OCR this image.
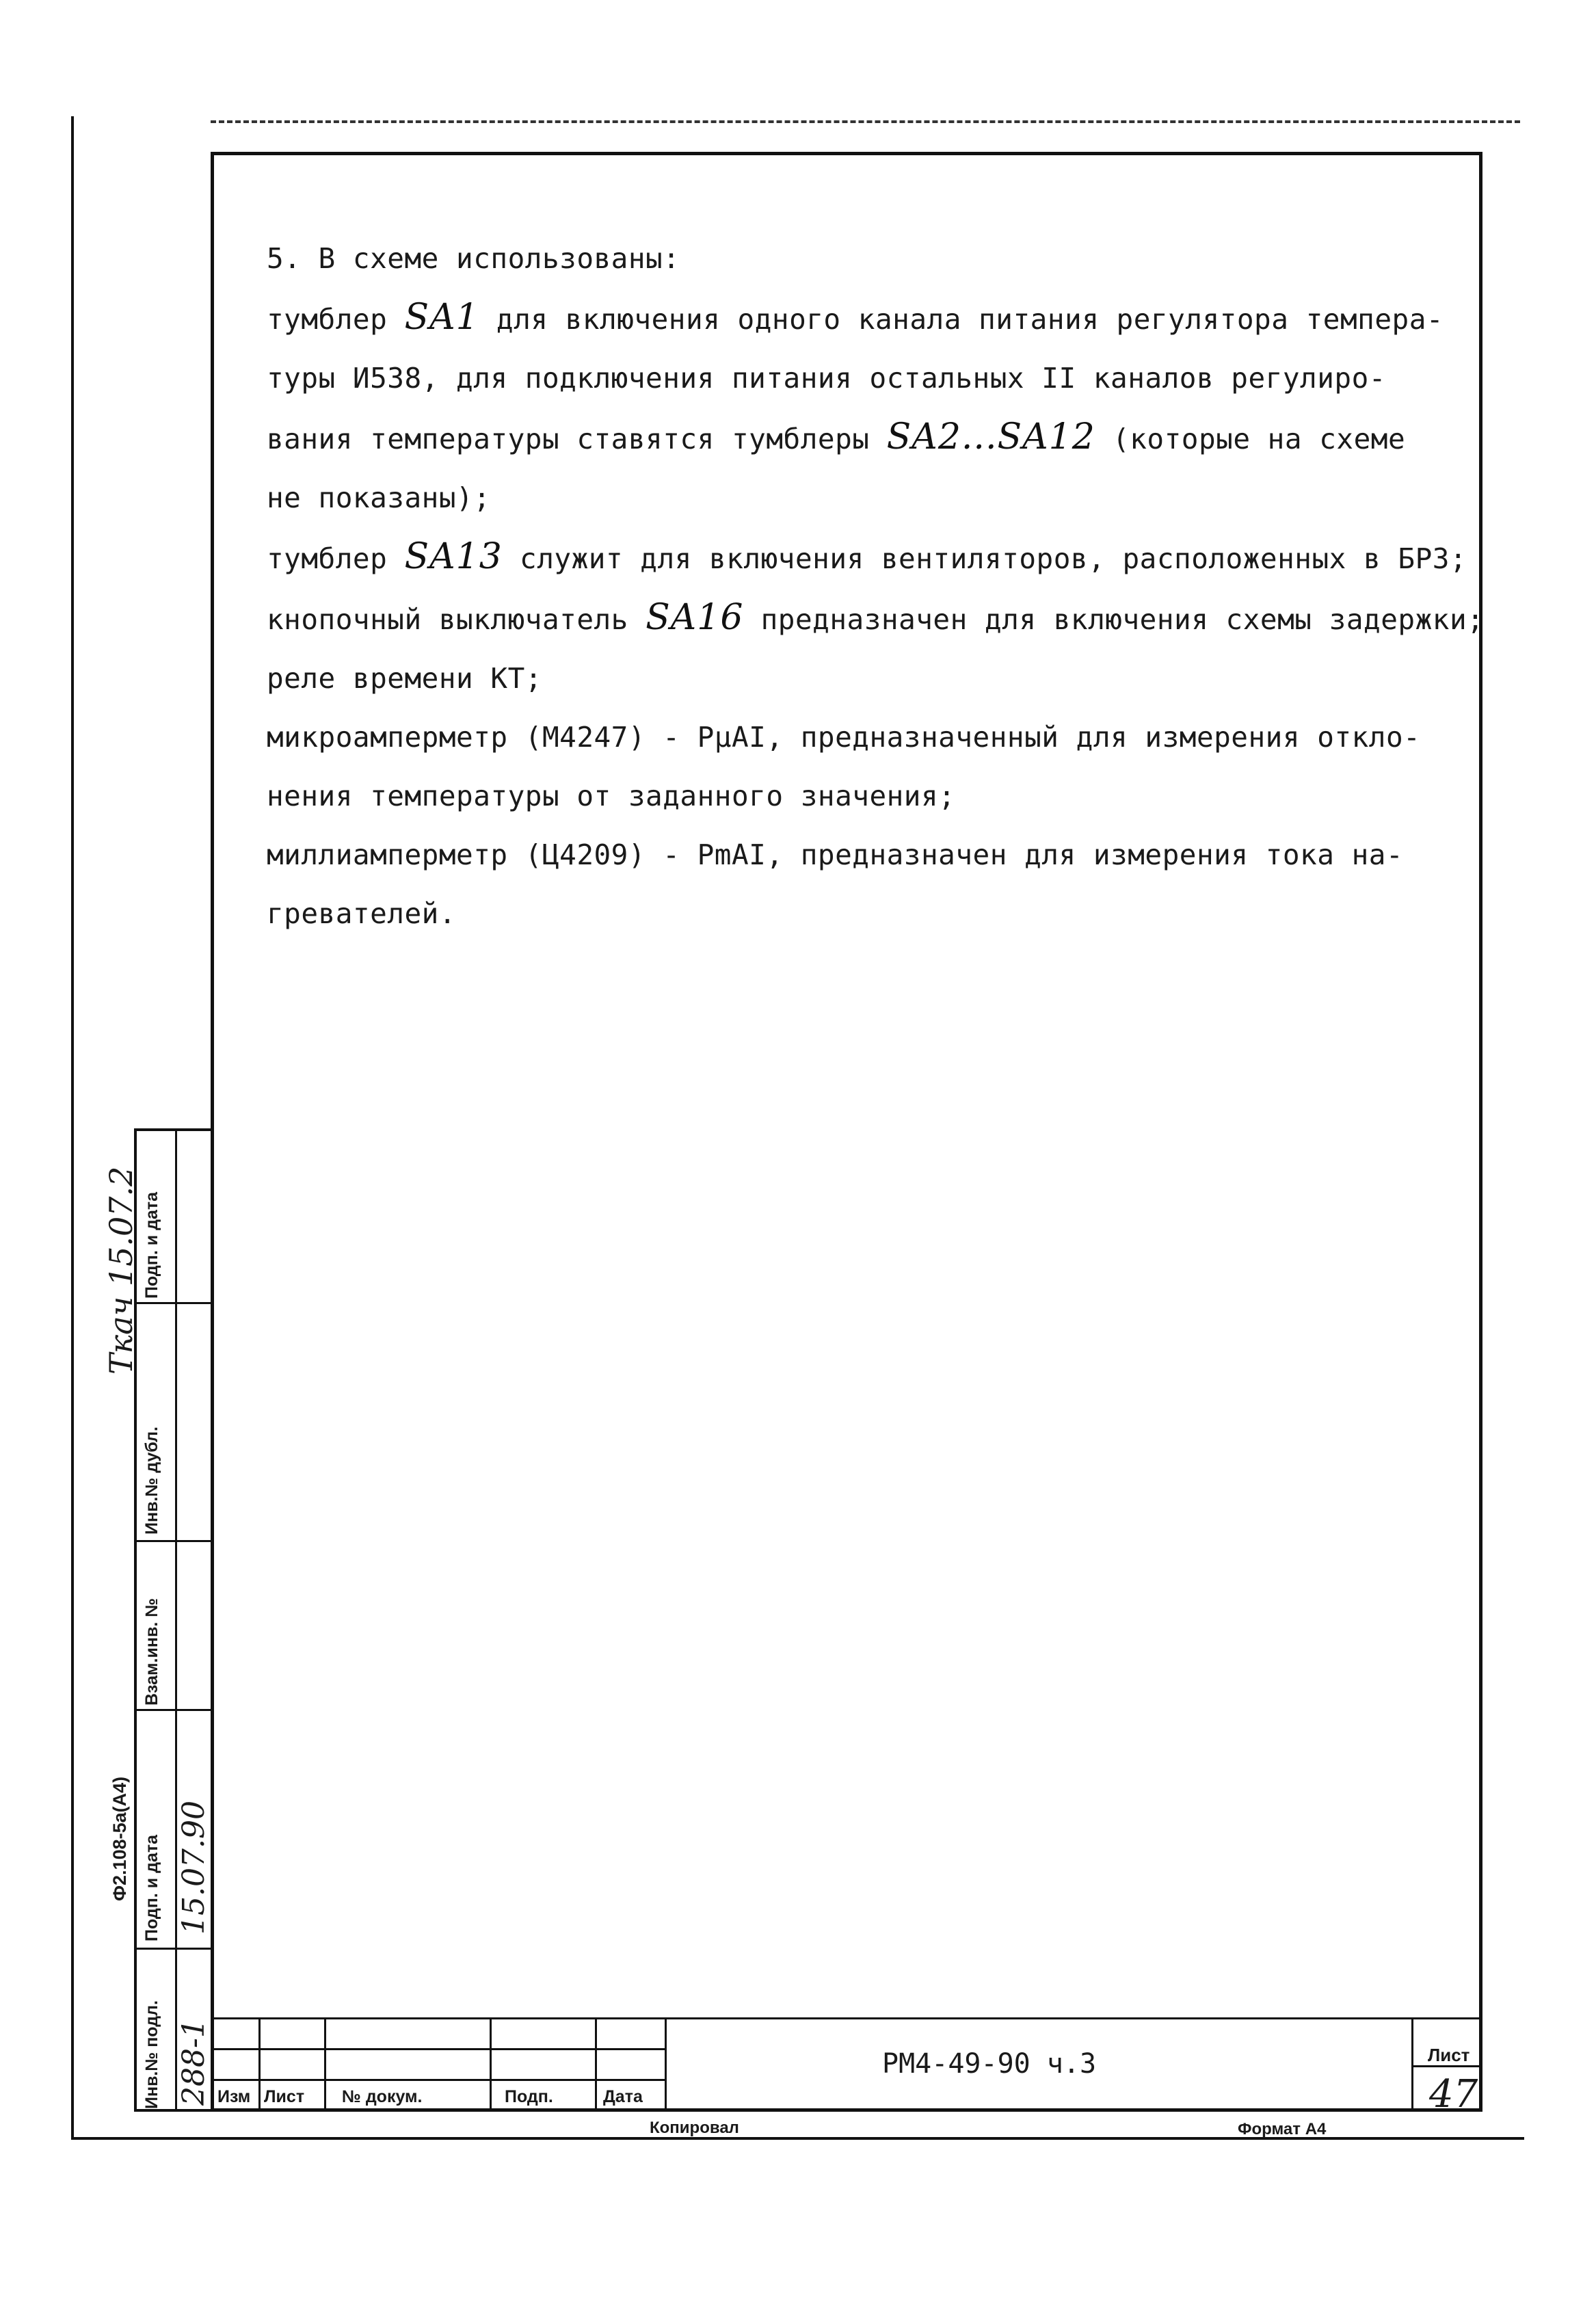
5. В схеме использованы:

тумблер SA1 для включения одного канала питания регулятора темпера-

туры И538, для подключения питания остальных II каналов регулиро-

вания температуры ставятся тумблеры SA2...SA12 (которые на схеме

не показаны);

тумблер SA13 служит для включения вентиляторов, расположенных в БРЗ;

кнопочный выключатель SA16 предназначен для включения схемы задержки;

реле времени КТ;

микроамперметр (М4247) - PμAI, предназначенный для измерения откло-

нения температуры от заданного значения;

миллиамперметр (Ц4209) - PmAI, предназначен для измерения тока на-

гревателей.

Инв.№ подл.
Подп. и дата
Взам.инв. №
Инв.№ дубл.
Подп. и дата
288-1
15.07.90
Ф2.108-5а(А4)
Ткач 15.07.2
Изм Лист № докум.	Подп.	Дата
РМ4-49-90 ч.3	Лист
47
Копировал	Формат А4
